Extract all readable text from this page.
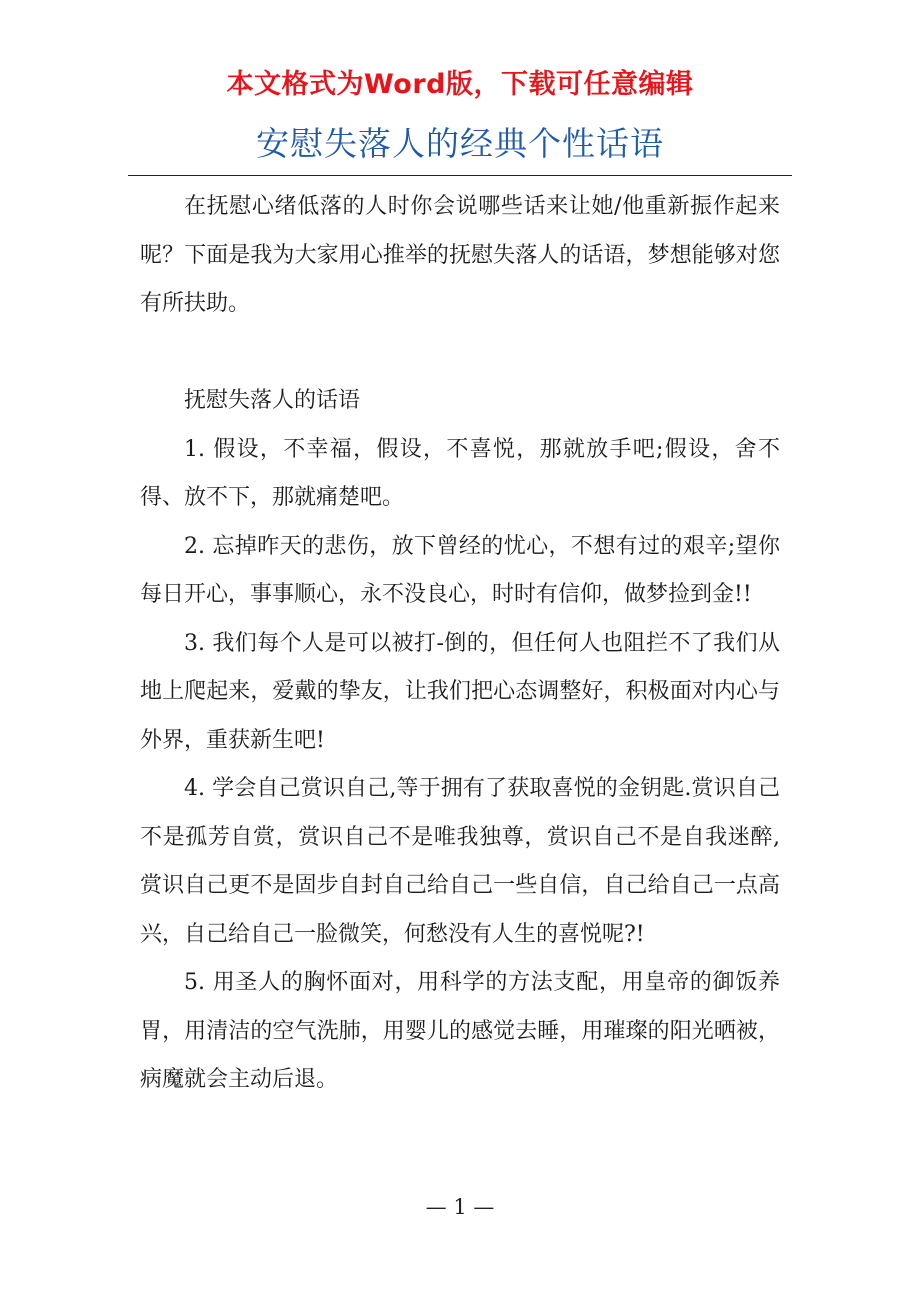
本文格式为Word版，下载可任意编辑
安慰失落人的经典个性话语

在抚慰心绪低落的人时你会说哪些话来让她/他重新振作起来呢？下面是我为大家用心推举的抚慰失落人的话语，梦想能够对您有所扶助。

抚慰失落人的话语

1. 假设，不幸福，假设，不喜悦，那就放手吧;假设，舍不得、放不下，那就痛楚吧。

2. 忘掉昨天的悲伤，放下曾经的忧心，不想有过的艰辛;望你每日开心，事事顺心，永不没良心，时时有信仰，做梦捡到金!!

3. 我们每个人是可以被打-倒的，但任何人也阻拦不了我们从地上爬起来，爱戴的挚友，让我们把心态调整好，积极面对内心与外界，重获新生吧!

4. 学会自己赏识自己,等于拥有了获取喜悦的金钥匙.赏识自己不是孤芳自赏，赏识自己不是唯我独尊，赏识自己不是自我迷醉,赏识自己更不是固步自封自己给自己一些自信，自己给自己一点高兴，自己给自己一脸微笑，何愁没有人生的喜悦呢?!

5. 用圣人的胸怀面对，用科学的方法支配，用皇帝的御饭养胃，用清洁的空气洗肺，用婴儿的感觉去睡，用璀璨的阳光晒被，病魔就会主动后退。

— 1 —
